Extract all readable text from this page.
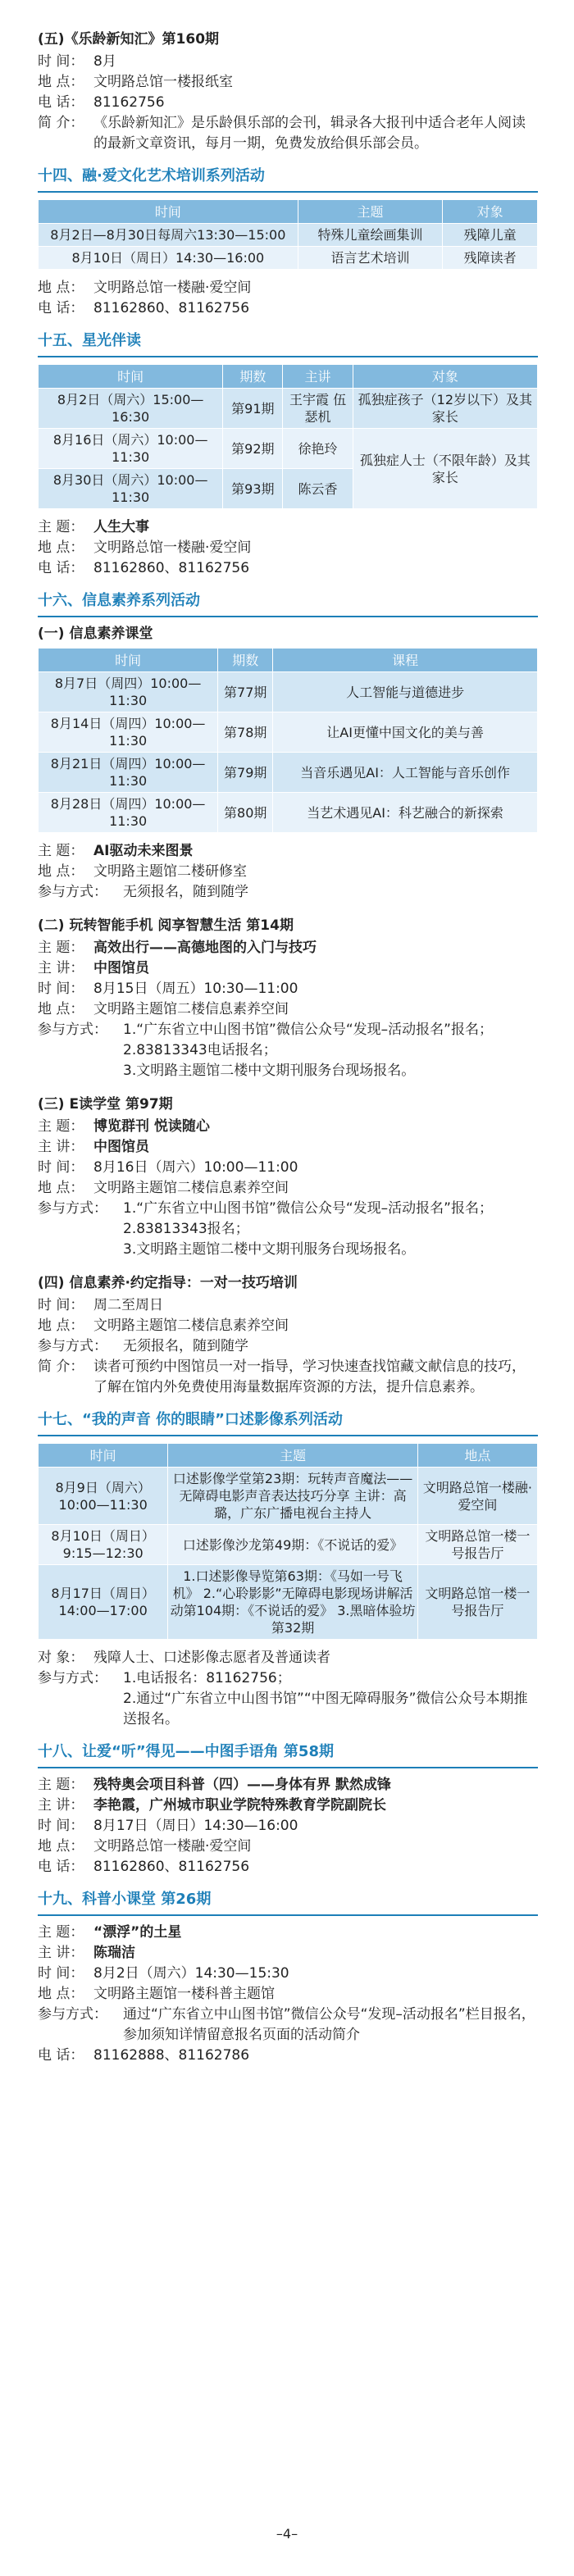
(五)《乐龄新知汇》第160期
时 间： 8月
地 点： 文明路总馆一楼报纸室
电 话： 81162756
简 介： 《乐龄新知汇》是乐龄俱乐部的会刊，辑录各大报刊中适合老年人阅读的最新文章资讯，每月一期，免费发放给俱乐部会员。
十四、融·爱文化艺术培训系列活动
时间	主题	对象
8月2日—8月30日每周六13:30—15:00	特殊儿童绘画集训	残障儿童
8月10日（周日）14:30—16:00	语言艺术培训	残障读者
地 点： 文明路总馆一楼融·爱空间
电 话： 81162860、81162756
十五、星光伴读
时间	期数	主讲	对象
8月2日（周六）15:00—16:30	第91期	王宇霞 伍瑟机	孤独症孩子（12岁以下）及其家长
8月16日（周六）10:00—11:30	第92期	徐艳玲	孤独症人士（不限年龄）及其家长
8月30日（周六）10:00—11:30	第93期	陈云香	
主 题： 人生大事
地 点： 文明路总馆一楼融·爱空间
电 话： 81162860、81162756
十六、信息素养系列活动
(一) 信息素养课堂
时间	期数	课程
8月7日（周四）10:00—11:30	第77期	人工智能与道德进步
8月14日（周四）10:00—11:30	第78期	让AI更懂中国文化的美与善
8月21日（周四）10:00—11:30	第79期	当音乐遇见AI：人工智能与音乐创作
8月28日（周四）10:00—11:30	第80期	当艺术遇见AI：科艺融合的新探索
主 题： AI驱动未来图景
地 点： 文明路主题馆二楼研修室
参与方式：	无须报名，随到随学
(二) 玩转智能手机 阅享智慧生活 第14期
主 题： 高效出行——高德地图的入门与技巧
主 讲： 中图馆员
时 间： 8月15日（周五）10:30—11:00
地 点： 文明路主题馆二楼信息素养空间
参与方式：	1.“广东省立中山图书馆”微信公众号“发现–活动报名”报名；
2.83813343电话报名；
3.文明路主题馆二楼中文期刊服务台现场报名。
(三) E读学堂 第97期
主 题： 博览群刊 悦读随心
主 讲： 中图馆员
时 间： 8月16日（周六）10:00—11:00
地 点： 文明路主题馆二楼信息素养空间
参与方式：	1.“广东省立中山图书馆”微信公众号“发现–活动报名”报名；
2.83813343报名；
3.文明路主题馆二楼中文期刊服务台现场报名。
(四) 信息素养·约定指导：一对一技巧培训
时 间： 周二至周日
地 点： 文明路主题馆二楼信息素养空间
参与方式：	无须报名，随到随学
简 介： 读者可预约中图馆员一对一指导，学习快速查找馆藏文献信息的技巧，了解在馆内外免费使用海量数据库资源的方法，提升信息素养。
十七、“我的声音 你的眼睛”口述影像系列活动
时间	主题	地点
8月9日（周六）10:00—11:30	口述影像学堂第23期：玩转声音魔法——无障碍电影声音表达技巧分享 主讲：高璐，广东广播电视台主持人	文明路总馆一楼融·爱空间
8月10日（周日）9:15—12:30	口述影像沙龙第49期：《不说话的爱》	文明路总馆一楼一号报告厅
8月17日（周日）14:00—17:00	1.口述影像导览第63期：《马如一号飞机》 2.“心聆影影”无障碍电影现场讲解活动第104期：《不说话的爱》 3.黑暗体验坊第32期	文明路总馆一楼一号报告厅
对 象： 残障人士、口述影像志愿者及普通读者
参与方式：	1.电话报名：81162756；
2.通过“广东省立中山图书馆”“中图无障碍服务”微信公众号本期推送报名。
十八、让爱“听”得见——中图手语角 第58期
主 题： 残特奥会项目科普（四）——身体有界 默然成锋
主 讲： 李艳霞，广州城市职业学院特殊教育学院副院长
时 间： 8月17日（周日）14:30—16:00
地 点： 文明路总馆一楼融·爱空间
电 话： 81162860、81162756
十九、科普小课堂 第26期
主 题： “漂浮”的土星
主 讲： 陈瑞洁
时 间： 8月2日（周六）14:30—15:30
地 点： 文明路主题馆一楼科普主题馆
参与方式：	通过“广东省立中山图书馆”微信公众号“发现–活动报名”栏目报名，参加须知详情留意报名页面的活动简介
电 话： 81162888、81162786
–4–
